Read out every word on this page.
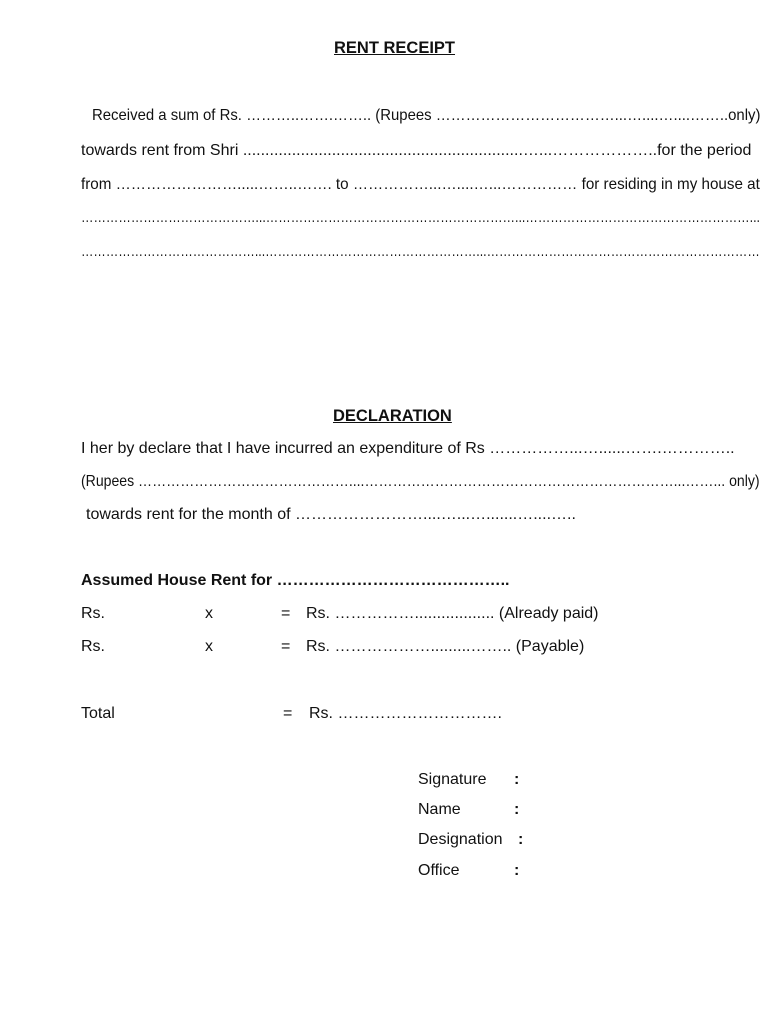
RENT RECEIPT
Received a sum of Rs. ………..…….…….. (Rupees ………………………………...…....…....……..only)
towards rent from Shri ...............................................................…...………………..for the period
from …………………….....……..……. to ……………...…....…...…………… for residing in my house at
……………………………………...……………………………………………………...………………………………………………...
……………………………………...……………………………………………...…………………………………………………………
DECLARATION
I her by declare that I have incurred an expenditure of Rs ……………...…......…….…………..
(Rupees ………………………………………....…………………………………………………………...……... only)
towards rent for the month of ……………………....…...….......…....…..
Assumed House Rent for ……………………………………..
Rs.	x	= Rs. …………….................. (Already paid)
Rs.	x	= Rs. ……………….........…….. (Payable)
Total	= Rs. ………………………….
Signature :
Name	:
Designation :
Office	:
